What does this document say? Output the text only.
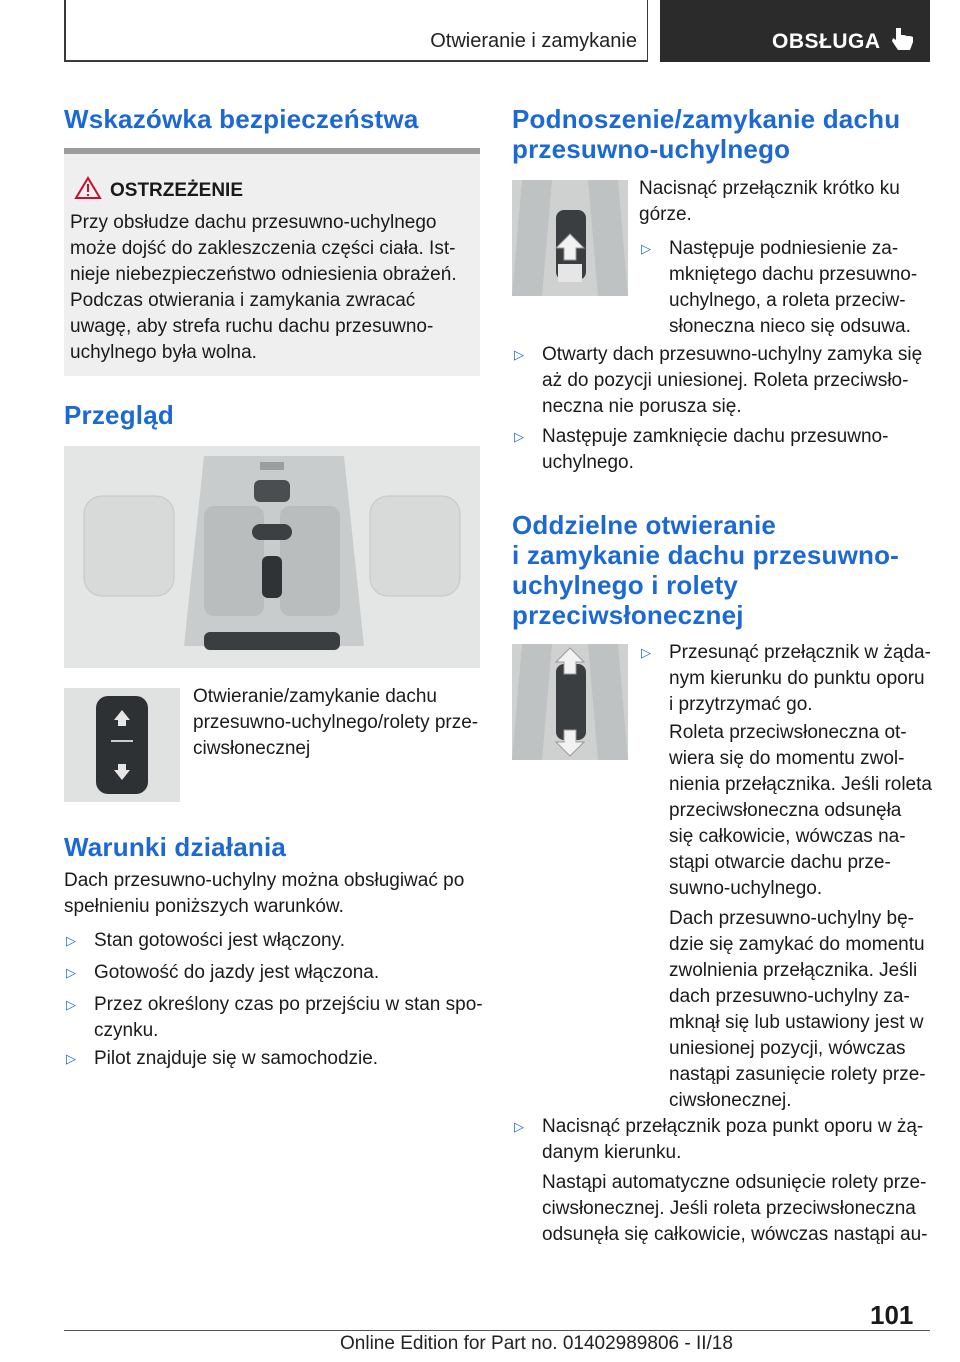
Otwieranie i zamykanie	OBSŁUGA
Wskazówka bezpieczeństwa
OSTRZEŻENIE
Przy obsłudze dachu przesuwno-uchylnego
może dojść do zakleszczenia części ciała. Ist-
nieje niebezpieczeństwo odniesienia obrażeń.
Podczas otwierania i zamykania zwracać
uwagę, aby strefa ruchu dachu przesuwno-
uchylnego była wolna.
Przegląd
Otwieranie/zamykanie dachu
przesuwno-uchylnego/rolety prze-
ciwsłonecznej
Warunki działania
Dach przesuwno-uchylny można obsługiwać po
spełnieniu poniższych warunków.
▷ Stan gotowości jest włączony.
▷ Gotowość do jazdy jest włączona.
▷ Przez określony czas po przejściu w stan spo-
czynku.
▷ Pilot znajduje się w samochodzie.
Podnoszenie/zamykanie dachu
przesuwno-uchylnego
Nacisnąć przełącznik krótko ku
górze.
▷ Następuje podniesienie za-
mkniętego dachu przesuwno-
uchylnego, a roleta przeciw-
słoneczna nieco się odsuwa.
▷ Otwarty dach przesuwno-uchylny zamyka się
aż do pozycji uniesionej. Roleta przeciwsło-
neczna nie porusza się.
▷ Następuje zamknięcie dachu przesuwno-
uchylnego.
Oddzielne otwieranie
i zamykanie dachu przesuwno-
uchylnego i rolety
przeciwsłonecznej
▷ Przesunąć przełącznik w żąda-
nym kierunku do punktu oporu
i przytrzymać go.
Roleta przeciwsłoneczna ot-
wiera się do momentu zwol-
nienia przełącznika. Jeśli roleta
przeciwsłoneczna odsunęła
się całkowicie, wówczas na-
stąpi otwarcie dachu prze-
suwno-uchylnego.
Dach przesuwno-uchylny bę-
dzie się zamykać do momentu
zwolnienia przełącznika. Jeśli
dach przesuwno-uchylny za-
mknął się lub ustawiony jest w
uniesionej pozycji, wówczas
nastąpi zasunięcie rolety prze-
ciwsłonecznej.
▷ Nacisnąć przełącznik poza punkt oporu w żą-
danym kierunku.
Nastąpi automatyczne odsunięcie rolety prze-
ciwsłonecznej. Jeśli roleta przeciwsłoneczna
odsunęła się całkowicie, wówczas nastąpi au-
101
Online Edition for Part no. 01402989806 - II/18
